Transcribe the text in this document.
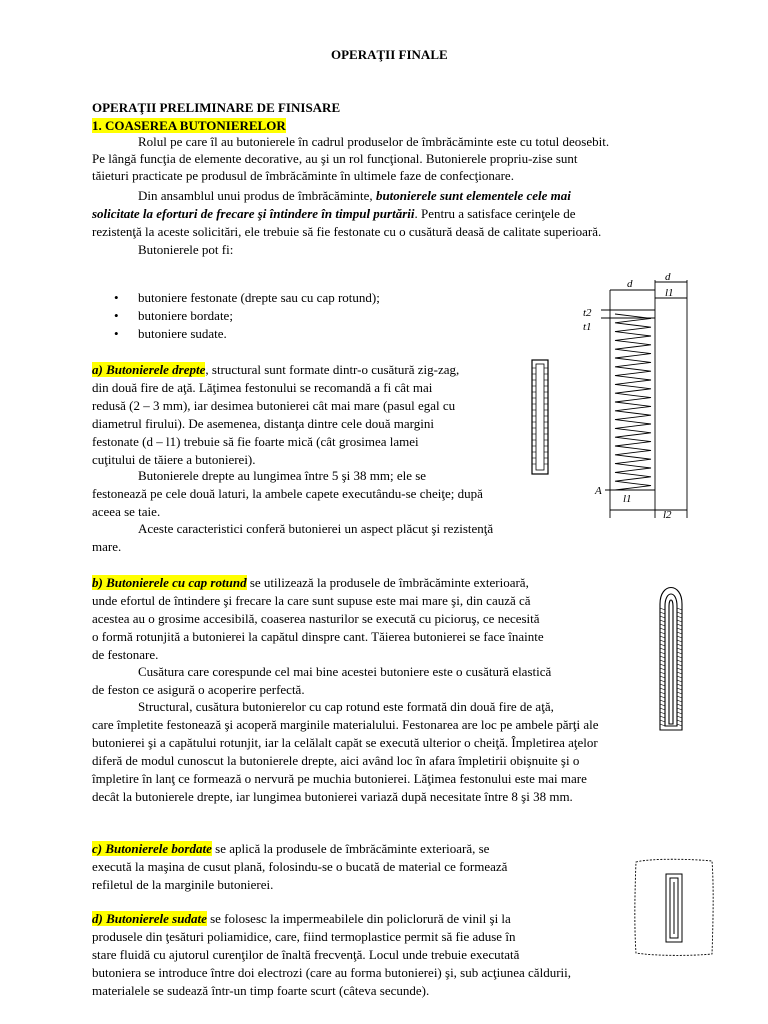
OPERAŢII FINALE
OPERAŢII PRELIMINARE DE FINISARE
1. COASEREA BUTONIERELOR
Rolul pe care îl au butonierele în cadrul produselor de îmbrăcăminte este cu totul deosebit.
Pe lângă funcţia de elemente decorative, au şi un rol funcţional. Butonierele propriu-zise sunt
tăieturi practicate pe produsul de îmbrăcăminte în ultimele faze de confecţionare.
Din ansamblul unui produs de îmbrăcăminte, butonierele sunt elementele cele mai
solicitate la eforturi de frecare şi întindere în timpul purtării. Pentru a satisface cerinţele de
rezistenţă la aceste solicitări, ele trebuie să fie festonate cu o cusătură deasă de calitate superioară.
Butonierele pot fi:
• butoniere festonate (drepte sau cu cap rotund);
• butoniere bordate;
• butoniere sudate.
a) Butonierele drepte, structural sunt formate dintr-o cusătură zig-zag,
din două fire de aţă. Lăţimea festonului se recomandă a fi cât mai
redusă (2 – 3 mm), iar desimea butonierei cât mai mare (pasul egal cu
diametrul firului). De asemenea, distanţa dintre cele două margini
festonate (d – l1) trebuie să fie foarte mică (cât grosimea lamei
cuţitului de tăiere a butonierei).
Butonierele drepte au lungimea între 5 şi 38 mm; ele se
festonează pe cele două laturi, la ambele capete executându-se cheiţe; după
aceea se taie.
Aceste caracteristici conferă butonierei un aspect plăcut şi rezistenţă
mare.
b) Butonierele cu cap rotund se utilizează la produsele de îmbrăcăminte exterioară,
unde efortul de întindere şi frecare la care sunt supuse este mai mare şi, din cauză că
acestea au o grosime accesibilă, coaserea nasturilor se execută cu picioruş, ce necesită
o formă rotunjită a butonierei la capătul dinspre cant. Tăierea butonierei se face înainte
de festonare.
Cusătura care corespunde cel mai bine acestei butoniere este o cusătură elastică
de feston ce asigură o acoperire perfectă.
Structural, cusătura butonierelor cu cap rotund este formată din două fire de aţă,
care împletite festonează şi acoperă marginile materialului. Festonarea are loc pe ambele părţi ale
butonierei şi a capătului rotunjit, iar la celălalt capăt se execută ulterior o cheiţă. Împletirea aţelor
diferă de modul cunoscut la butonierele drepte, aici având loc în afara împletirii obişnuite şi o
împletire în lanţ ce formează o nervură pe muchia butonierei. Lăţimea festonului este mai mare
decât la butonierele drepte, iar lungimea butonierei variază după necesitate între 8 şi 38 mm.
c) Butonierele bordate se aplică la produsele de îmbrăcăminte exterioară, se
execută la maşina de cusut plană, folosindu-se o bucată de material ce formează
refiletul de la marginile butonierei.
d) Butonierele sudate se folosesc la impermeabilele din policlorură de vinil şi la
produsele din ţesături poliamidice, care, fiind termoplastice permit să fie aduse în
stare fluidă cu ajutorul curenţilor de înaltă frecvenţă. Locul unde trebuie executată
butoniera se introduce între doi electrozi (care au forma butonierei) şi, sub acţiunea căldurii,
materialele se sudează într-un timp foarte scurt (câteva secunde).
d
d
l1
t2
t1
A
l1
l2
